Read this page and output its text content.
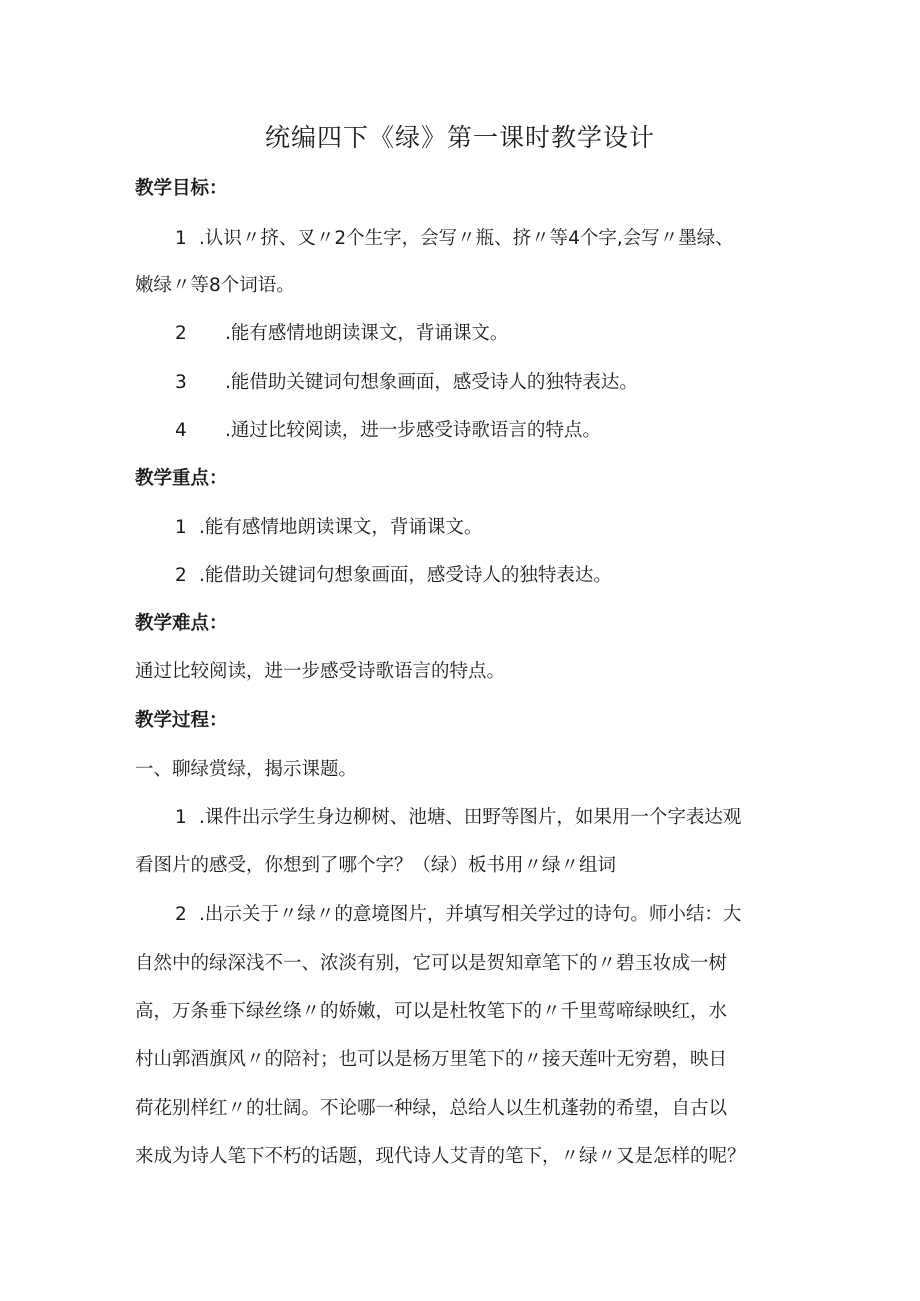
统编四下《绿》第一课时教学设计

教学目标：

1 .认识〃挤、叉〃2个生字，会写〃瓶、挤〃等4个字,会写〃墨绿、

嫩绿〃等8个词语。

2 .能有感情地朗读课文，背诵课文。

3 .能借助关键词句想象画面，感受诗人的独特表达。

4 .通过比较阅读，进一步感受诗歌语言的特点。

教学重点：

1 .能有感情地朗读课文，背诵课文。

2 .能借助关键词句想象画面，感受诗人的独特表达。

教学难点：

通过比较阅读，进一步感受诗歌语言的特点。

教学过程：

一、聊绿赏绿，揭示课题。

1 .课件出示学生身边柳树、池塘、田野等图片，如果用一个字表达观

看图片的感受，你想到了哪个字？（绿）板书用〃绿〃组词

2 .出示关于〃绿〃的意境图片，并填写相关学过的诗句。师小结：大

自然中的绿深浅不一、浓淡有别，它可以是贺知章笔下的〃碧玉妆成一树

高，万条垂下绿丝绦〃的娇嫩，可以是杜牧笔下的〃千里莺啼绿映红，水

村山郭酒旗风〃的陪衬；也可以是杨万里笔下的〃接天莲叶无穷碧，映日

荷花别样红〃的壮阔。不论哪一种绿，总给人以生机蓬勃的希望，自古以

来成为诗人笔下不朽的话题，现代诗人艾青的笔下，〃绿〃又是怎样的呢？
